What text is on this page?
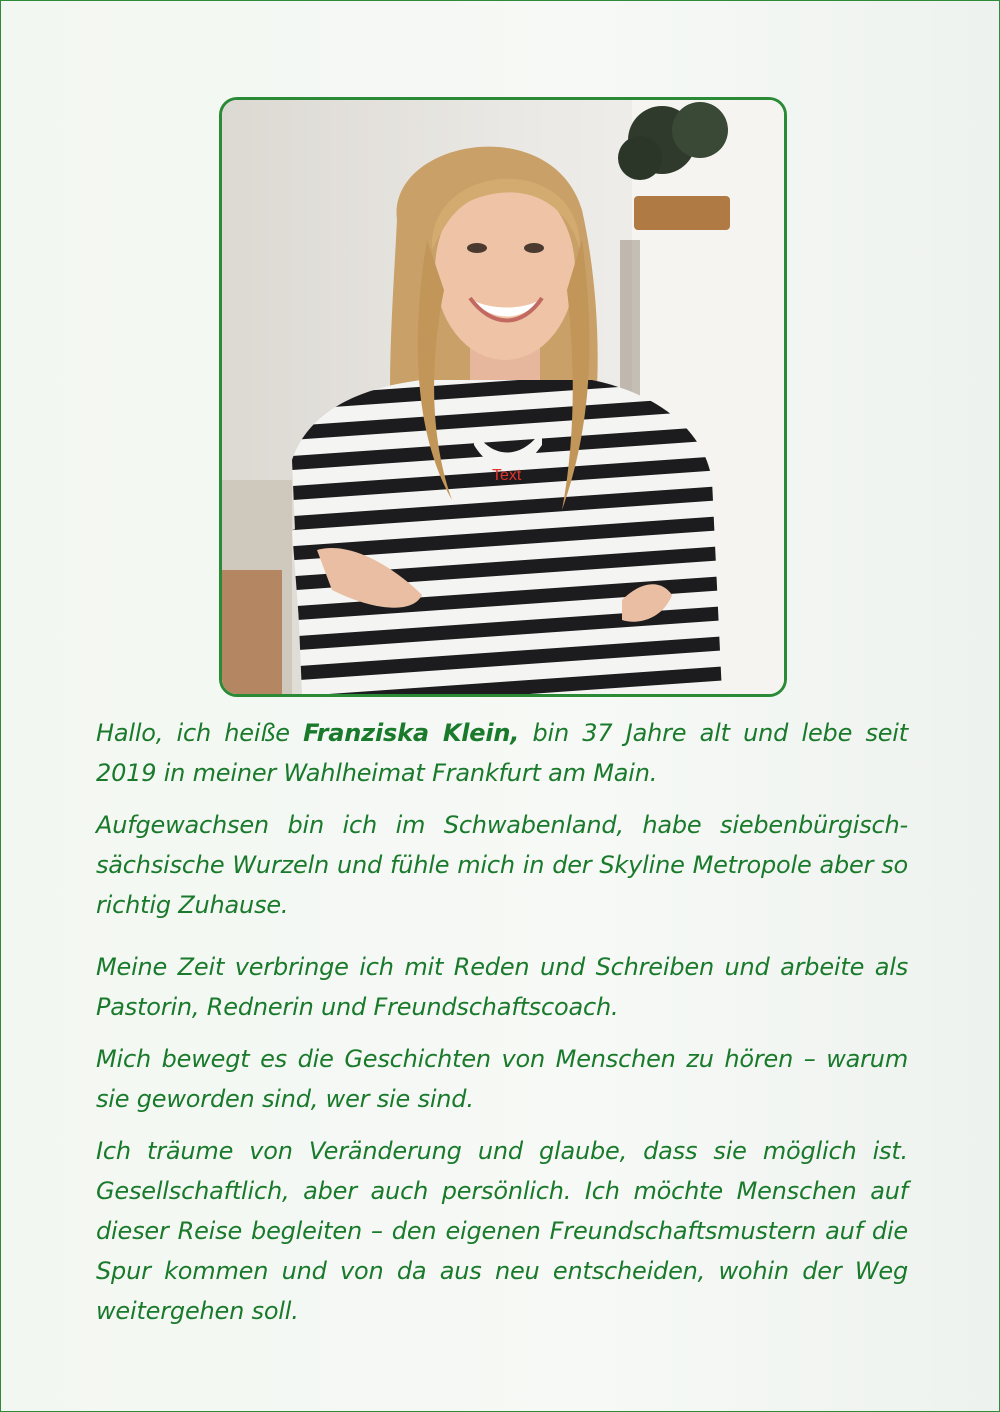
Text

Hallo, ich heiße Franziska Klein, bin 37 Jahre alt und lebe seit 2019 in meiner Wahlheimat Frankfurt am Main.

Aufgewachsen bin ich im Schwabenland, habe siebenbürgisch-sächsische Wurzeln und fühle mich in der Skyline Metropole aber so richtig Zuhause.

Meine Zeit verbringe ich mit Reden und Schreiben und arbeite als Pastorin, Rednerin und Freundschaftscoach.

Mich bewegt es die Geschichten von Menschen zu hören – warum sie geworden sind, wer sie sind.

Ich träume von Veränderung und glaube, dass sie möglich ist. Gesellschaftlich, aber auch persönlich. Ich möchte Menschen auf dieser Reise begleiten – den eigenen Freundschaftsmustern auf die Spur kommen und von da aus neu entscheiden, wohin der Weg weitergehen soll.
